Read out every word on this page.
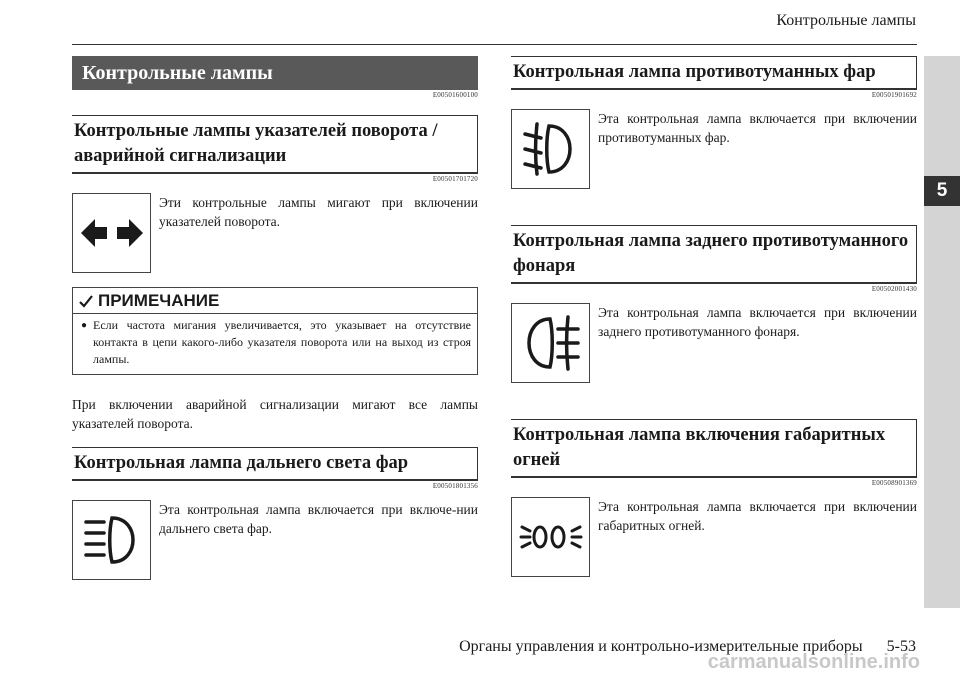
Контрольные лампы
5
Контрольные лампы
E00501600100
Контрольные лампы указателей поворота / аварийной сигнализации
E00501701720
Эти контрольные лампы мигают при включении указателей поворота.
ПРИМЕЧАНИЕ
● Если частота мигания увеличивается, это указывает на отсутствие контакта в цепи какого-либо указателя поворота или на выход из строя лампы.
При включении аварийной сигнализации мигают все лампы указателей поворота.
Контрольная лампа дальнего света фар
E00501801356
Эта контрольная лампа включается при включе-нии дальнего света фар.
Контрольная лампа противотуманных фар
E00501901692
Эта контрольная лампа включается при включении противотуманных фар.
Контрольная лампа заднего противотуманного фонаря
E00502001430
Эта контрольная лампа включается при включении заднего противотуманного фонаря.
Контрольная лампа включения габаритных огней
E00508901369
Эта контрольная лампа включается при включении габаритных огней.
Органы управления и контрольно-измерительные приборы 5-53
carmanualsonline.info
